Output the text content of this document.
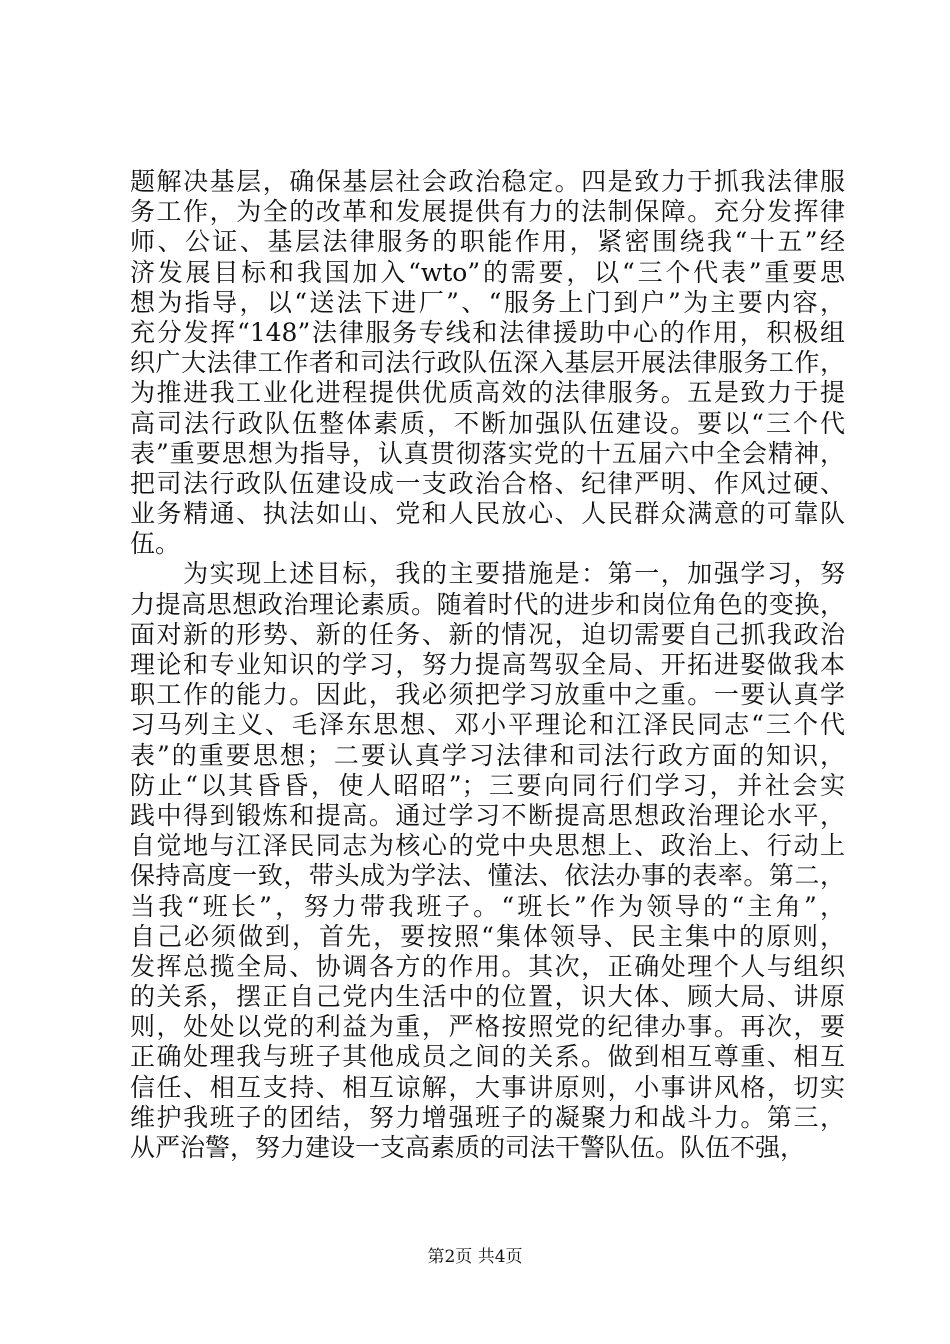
题解决基层，确保基层社会政治稳定。四是致力于抓我法律服
务工作，为全的改革和发展提供有力的法制保障。充分发挥律
师、公证、基层法律服务的职能作用，紧密围绕我“十五”经
济发展目标和我国加入“wto”的需要，以“三个代表”重要思
想为指导，以“送法下进厂”、“服务上门到户”为主要内容，
充分发挥“148”法律服务专线和法律援助中心的作用，积极组
织广大法律工作者和司法行政队伍深入基层开展法律服务工作，
为推进我工业化进程提供优质高效的法律服务。五是致力于提
高司法行政队伍整体素质，不断加强队伍建设。要以“三个代
表”重要思想为指导，认真贯彻落实党的十五届六中全会精神，
把司法行政队伍建设成一支政治合格、纪律严明、作风过硬、
业务精通、执法如山、党和人民放心、人民群众满意的可靠队
伍。
　　为实现上述目标，我的主要措施是：第一，加强学习，努
力提高思想政治理论素质。随着时代的进步和岗位角色的变换，
面对新的形势、新的任务、新的情况，迫切需要自己抓我政治
理论和专业知识的学习，努力提高驾驭全局、开拓进娶做我本
职工作的能力。因此，我必须把学习放重中之重。一要认真学
习马列主义、毛泽东思想、邓小平理论和江泽民同志“三个代
表”的重要思想；二要认真学习法律和司法行政方面的知识，
防止“以其昏昏，使人昭昭”；三要向同行们学习，并社会实
践中得到锻炼和提高。通过学习不断提高思想政治理论水平，
自觉地与江泽民同志为核心的党中央思想上、政治上、行动上
保持高度一致，带头成为学法、懂法、依法办事的表率。第二，
当我“班长”，努力带我班子。“班长”作为领导的“主角”，
自己必须做到，首先，要按照“集体领导、民主集中的原则，
发挥总揽全局、协调各方的作用。其次，正确处理个人与组织
的关系，摆正自己党内生活中的位置，识大体、顾大局、讲原
则，处处以党的利益为重，严格按照党的纪律办事。再次，要
正确处理我与班子其他成员之间的关系。做到相互尊重、相互
信任、相互支持、相互谅解，大事讲原则，小事讲风格，切实
维护我班子的团结，努力增强班子的凝聚力和战斗力。第三，
从严治警，努力建设一支高素质的司法干警队伍。队伍不强，
第2页 共4页
